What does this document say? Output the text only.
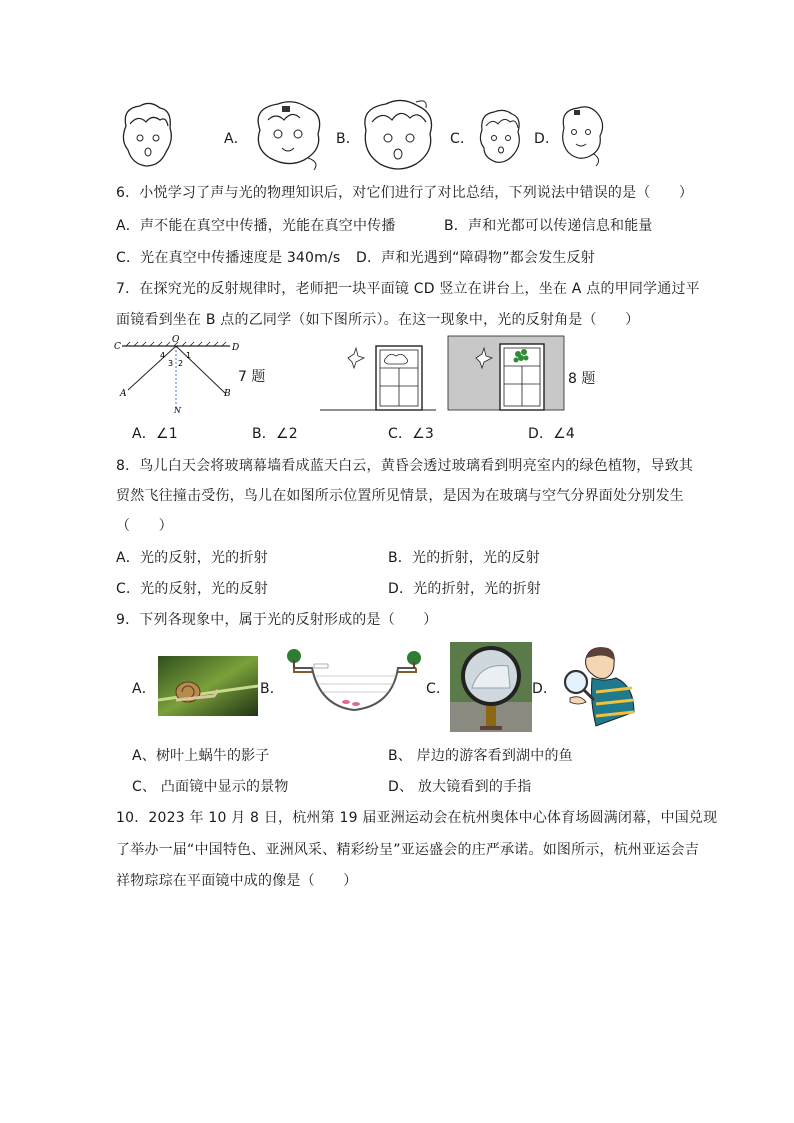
A．	B．	C．	D．
6．小悦学习了声与光的物理知识后，对它们进行了对比总结，下列说法中错误的是（　　）
A．声不能在真空中传播，光能在真空中传播	B．声和光都可以传递信息和能量
C．光在真空中传播速度是 340m/s D．声和光遇到“障碍物”都会发生反射
7．在探究光的反射规律时，老师把一块平面镜 CD 竖立在讲台上，坐在 A 点的甲同学通过平
面镜看到坐在 B 点的乙同学（如下图所示）。在这一现象中，光的反射角是（　　）
C
O
D
A	B
N
4	1
3 2
7 题	8 题
A．∠1	B．∠2	C．∠3	D．∠4
8．鸟儿白天会将玻璃幕墙看成蓝天白云，黄昏会透过玻璃看到明亮室内的绿色植物，导致其
贸然飞往撞击受伤，鸟儿在如图所示位置所见情景，是因为在玻璃与空气分界面处分别发生
（　　）
A．光的反射，光的折射	B．光的折射，光的反射
C．光的反射，光的反射	D．光的折射，光的折射
9．下列各现象中，属于光的反射形成的是（　　）
A．	B．	C．	D．
A、树叶上蜗牛的影子	B、 岸边的游客看到湖中的鱼
C、 凸面镜中显示的景物	D、 放大镜看到的手指
10．2023 年 10 月 8 日，杭州第 19 届亚洲运动会在杭州奥体中心体育场圆满闭幕，中国兑现
了举办一届“中国特色、亚洲风采、精彩纷呈”亚运盛会的庄严承诺。如图所示，杭州亚运会吉
祥物琮琮在平面镜中成的像是（　　）
